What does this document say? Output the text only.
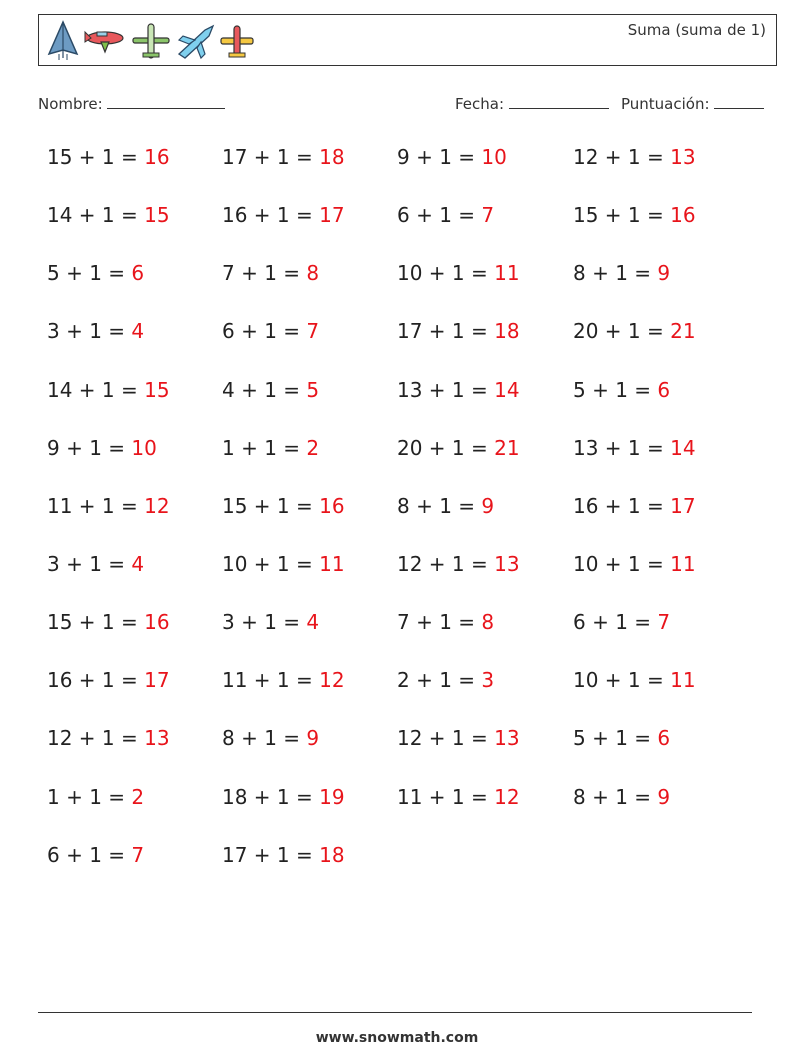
Suma (suma de 1)
Nombre:	Fecha:	Puntuación:
15 + 1 = 16	17 + 1 = 18	9 + 1 = 10	12 + 1 = 13
14 + 1 = 15	16 + 1 = 17	6 + 1 = 7	15 + 1 = 16
5 + 1 = 6	7 + 1 = 8	10 + 1 = 11	8 + 1 = 9
3 + 1 = 4	6 + 1 = 7	17 + 1 = 18	20 + 1 = 21
14 + 1 = 15	4 + 1 = 5	13 + 1 = 14	5 + 1 = 6
9 + 1 = 10	1 + 1 = 2	20 + 1 = 21	13 + 1 = 14
11 + 1 = 12	15 + 1 = 16	8 + 1 = 9	16 + 1 = 17
3 + 1 = 4	10 + 1 = 11	12 + 1 = 13	10 + 1 = 11
15 + 1 = 16	3 + 1 = 4	7 + 1 = 8	6 + 1 = 7
16 + 1 = 17	11 + 1 = 12	2 + 1 = 3	10 + 1 = 11
12 + 1 = 13	8 + 1 = 9	12 + 1 = 13	5 + 1 = 6
1 + 1 = 2	18 + 1 = 19	11 + 1 = 12	8 + 1 = 9
6 + 1 = 7	17 + 1 = 18
www.snowmath.com
